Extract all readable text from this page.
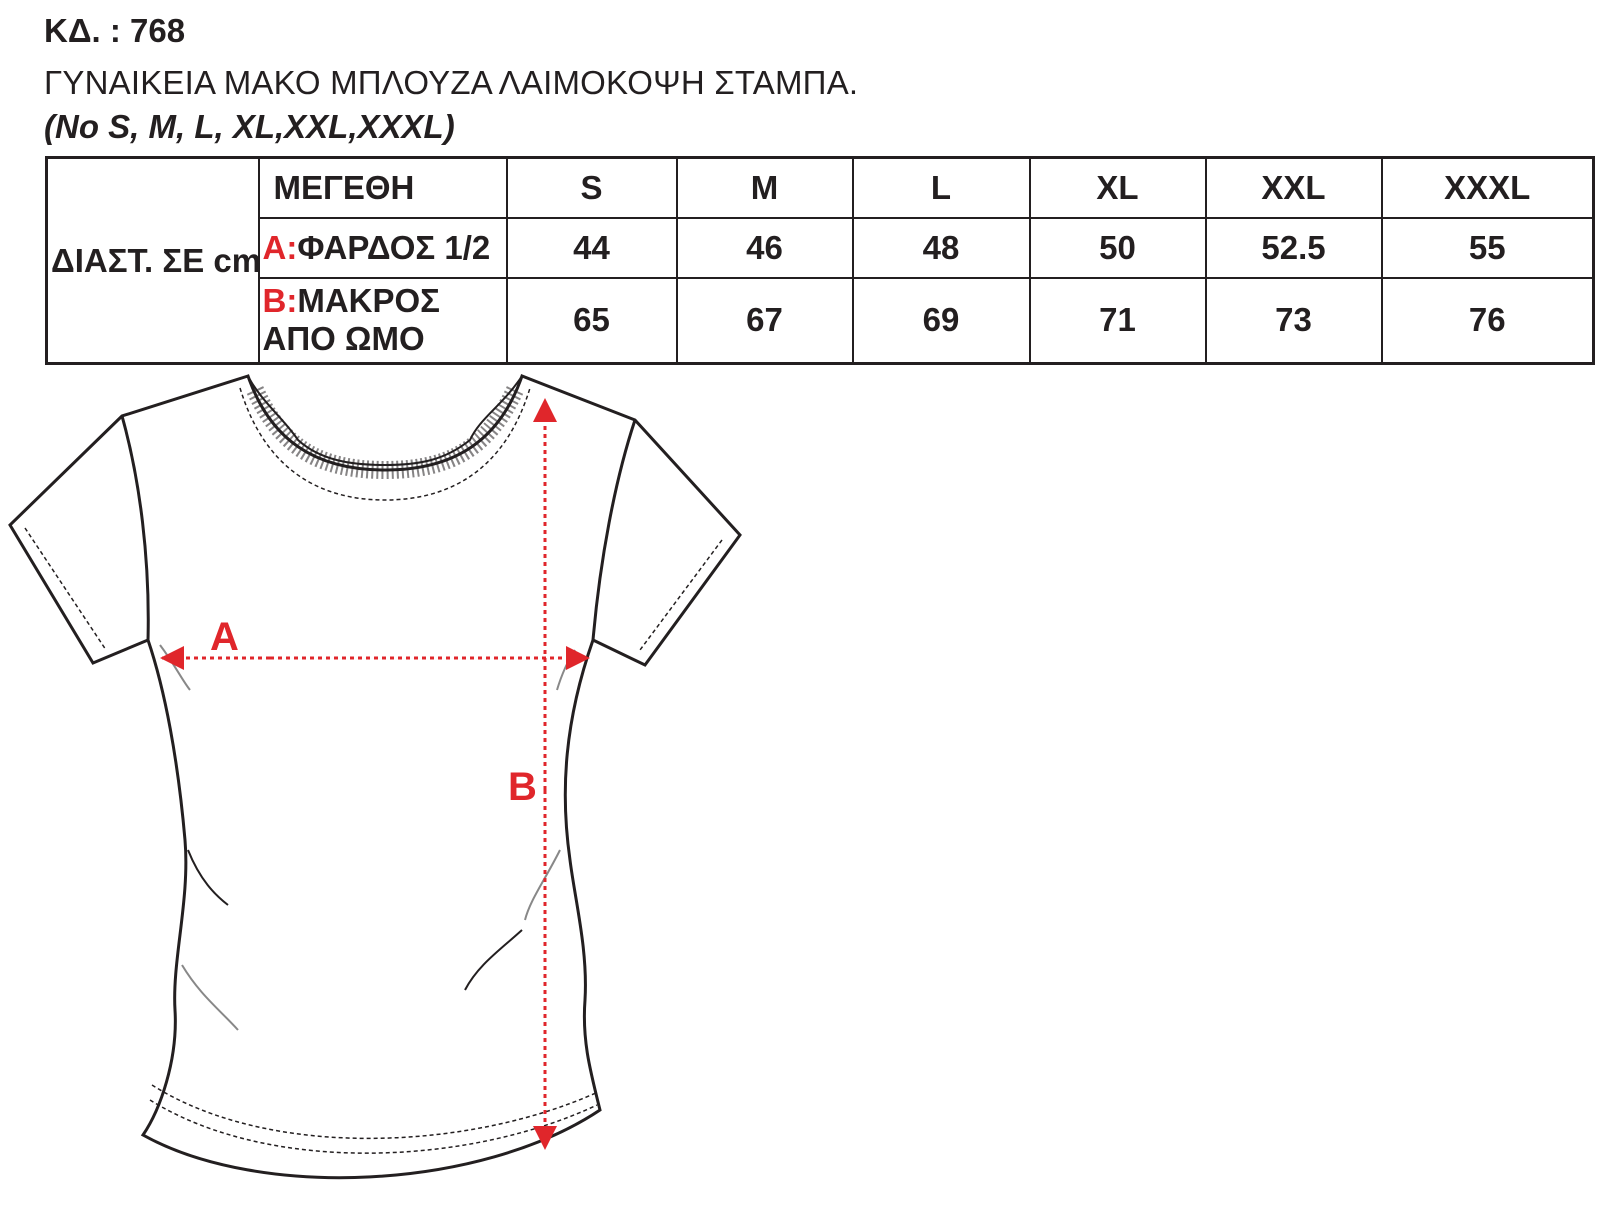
ΚΔ. : 768

ΓΥΝΑΙΚΕΙΑ ΜΑΚΟ ΜΠΛΟΥΖΑ ΛΑΙΜΟΚΟΨΗ ΣΤΑΜΠΑ.

(No S, M, L, XL,XXL,XXXL)

ΔΙΑΣΤ. ΣΕ cm	ΜΕΓΕΘΗ	S	M	L	XL	XXL	XXXL
	A:ΦΑΡΔΟΣ 1/2	44	46	48	50	52.5	55
	B:ΜΑΚΡΟΣ ΑΠΟ ΩΜΟ	65	67	69	71	73	76
A
B
